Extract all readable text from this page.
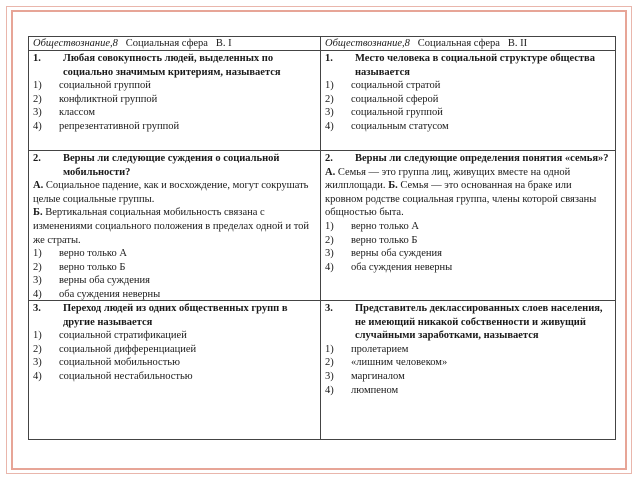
Обществознание,8 Социальная сфера В. I	Обществознание,8 Социальная сфера В. II
1.	Любая совокупность людей, выделенных по социально значимым критериям, называется
1)	социальной группой
2)	конфликтной группой
3)	классом
4)	репрезентативной группой
1.	Место человека в социальной структуре общества называется
1)	социальной стратой
2)	социальной сферой
3)	социальной группой
4)	социальным статусом
2.	Верны ли следующие суждения о социальной мобильности?
А. Социальное падение, как и восхождение, могут сокрушать целые социальные группы.
Б. Вертикальная социальная мобильность связана с изменениями социального положения в пределах одной и той же страты.
1)	верно только А
2)	верно только Б
3)	верны оба суждения
4)	оба суждения неверны
2.	Верны ли следующие определения понятия «семья»?
А. Семья — это группа лиц, живущих вместе на одной жилплощади. Б. Семья — это основанная на браке или кровном родстве социальная группа, члены которой связаны общностью быта.
1)	верно только А
2)	верно только Б
3)	верны оба суждения
4)	оба суждения неверны
3.	Переход людей из одних общественных групп в другие называется
1)	социальной стратификацией
2)	социальной дифференциацией
3)	социальной мобильностью
4)	социальной нестабильностью
3.	Представитель деклассированных слоев населения, не имеющий никакой собственности и живущий случайными заработками, называется
1)	пролетарием
2)	«лишним человеком»
3)	маргиналом
4)	люмпеном
